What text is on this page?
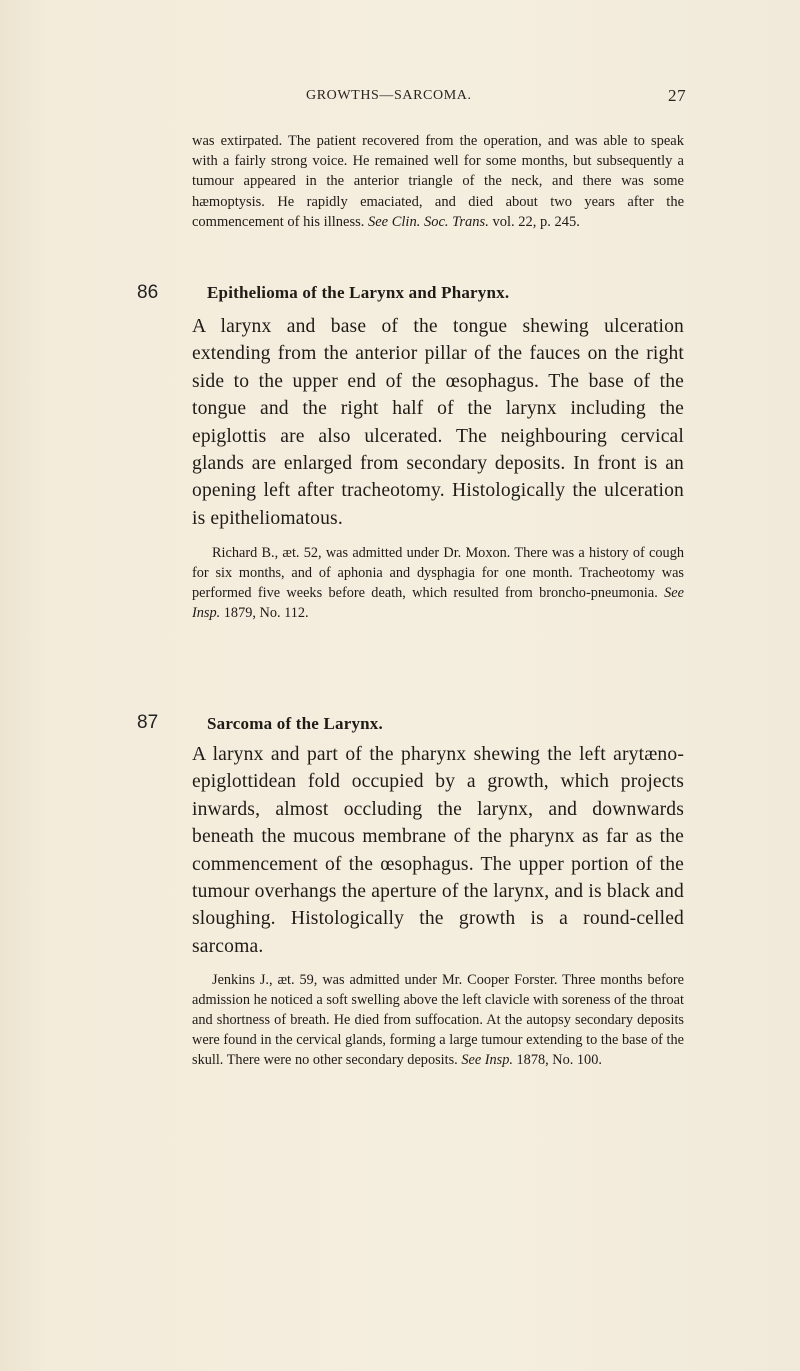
GROWTHS—SARCOMA.	27

was extirpated. The patient recovered from the operation, and was able to speak with a fairly strong voice. He remained well for some months, but subsequently a tumour appeared in the anterior triangle of the neck, and there was some hæmoptysis. He rapidly emaciated, and died about two years after the commencement of his illness. See Clin. Soc. Trans. vol. 22, p. 245.

86	Epithelioma of the Larynx and Pharynx.

A larynx and base of the tongue shewing ulceration extending from the anterior pillar of the fauces on the right side to the upper end of the œsophagus. The base of the tongue and the right half of the larynx including the epiglottis are also ulcerated. The neighbouring cervical glands are enlarged from secondary deposits. In front is an opening left after tracheotomy. Histologically the ulceration is epitheliomatous.

Richard B., æt. 52, was admitted under Dr. Moxon. There was a history of cough for six months, and of aphonia and dysphagia for one month. Tracheotomy was performed five weeks before death, which resulted from broncho-pneumonia. See Insp. 1879, No. 112.

87	Sarcoma of the Larynx.

A larynx and part of the pharynx shewing the left arytæno-epiglottidean fold occupied by a growth, which projects inwards, almost occluding the larynx, and downwards beneath the mucous membrane of the pharynx as far as the commencement of the œsophagus. The upper portion of the tumour overhangs the aperture of the larynx, and is black and sloughing. Histologically the growth is a round-celled sarcoma.

Jenkins J., æt. 59, was admitted under Mr. Cooper Forster. Three months before admission he noticed a soft swelling above the left clavicle with soreness of the throat and shortness of breath. He died from suffocation. At the autopsy secondary deposits were found in the cervical glands, forming a large tumour extending to the base of the skull. There were no other secondary deposits. See Insp. 1878, No. 100.
